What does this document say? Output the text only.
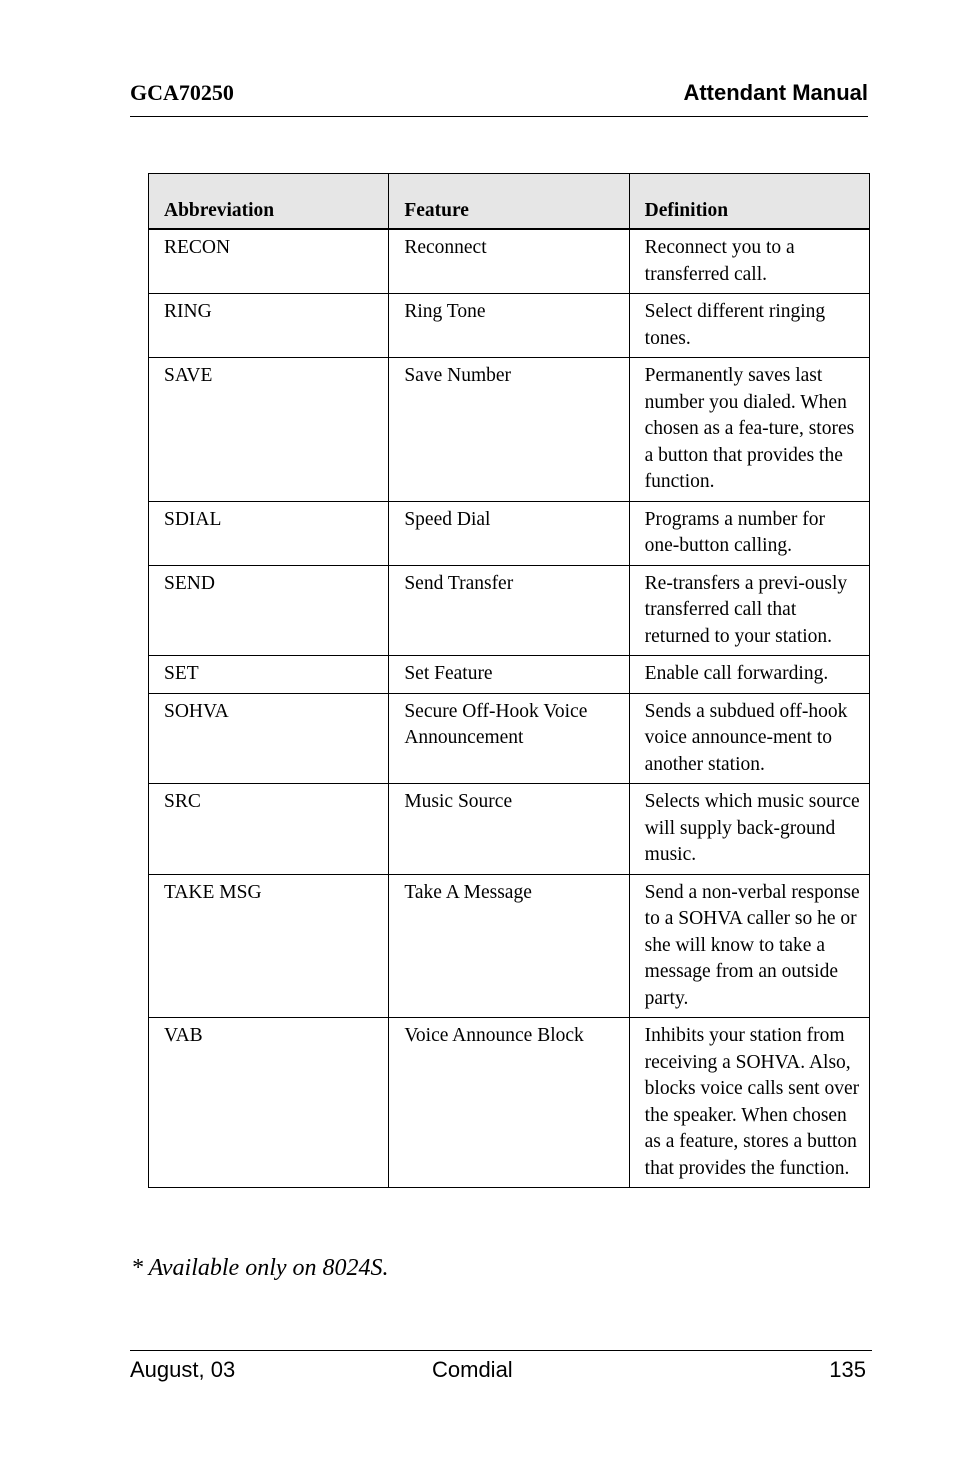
GCA70250	Attendant Manual
Abbreviation	Feature	Definition
RECON	Reconnect	Reconnect you to a transferred call.
RING	Ring Tone	Select different ringing tones.
SAVE	Save Number	Permanently saves last number you dialed. When chosen as a fea-ture, stores a button that provides the function.
SDIAL	Speed Dial	Programs a number for one-button calling.
SEND	Send Transfer	Re-transfers a previ-ously transferred call that returned to your station.
SET	Set Feature	Enable call forwarding.
SOHVA	Secure Off-Hook Voice Announcement	Sends a subdued off-hook voice announce-ment to another station.
SRC	Music Source	Selects which music source will supply back-ground music.
TAKE MSG	Take A Message	Send a non-verbal response to a SOHVA caller so he or she will know to take a message from an outside party.
VAB	Voice Announce Block	Inhibits your station from receiving a SOHVA. Also, blocks voice calls sent over the speaker. When chosen as a feature, stores a button that provides the function.
* Available only on 8024S.
August, 03	Comdial	135
